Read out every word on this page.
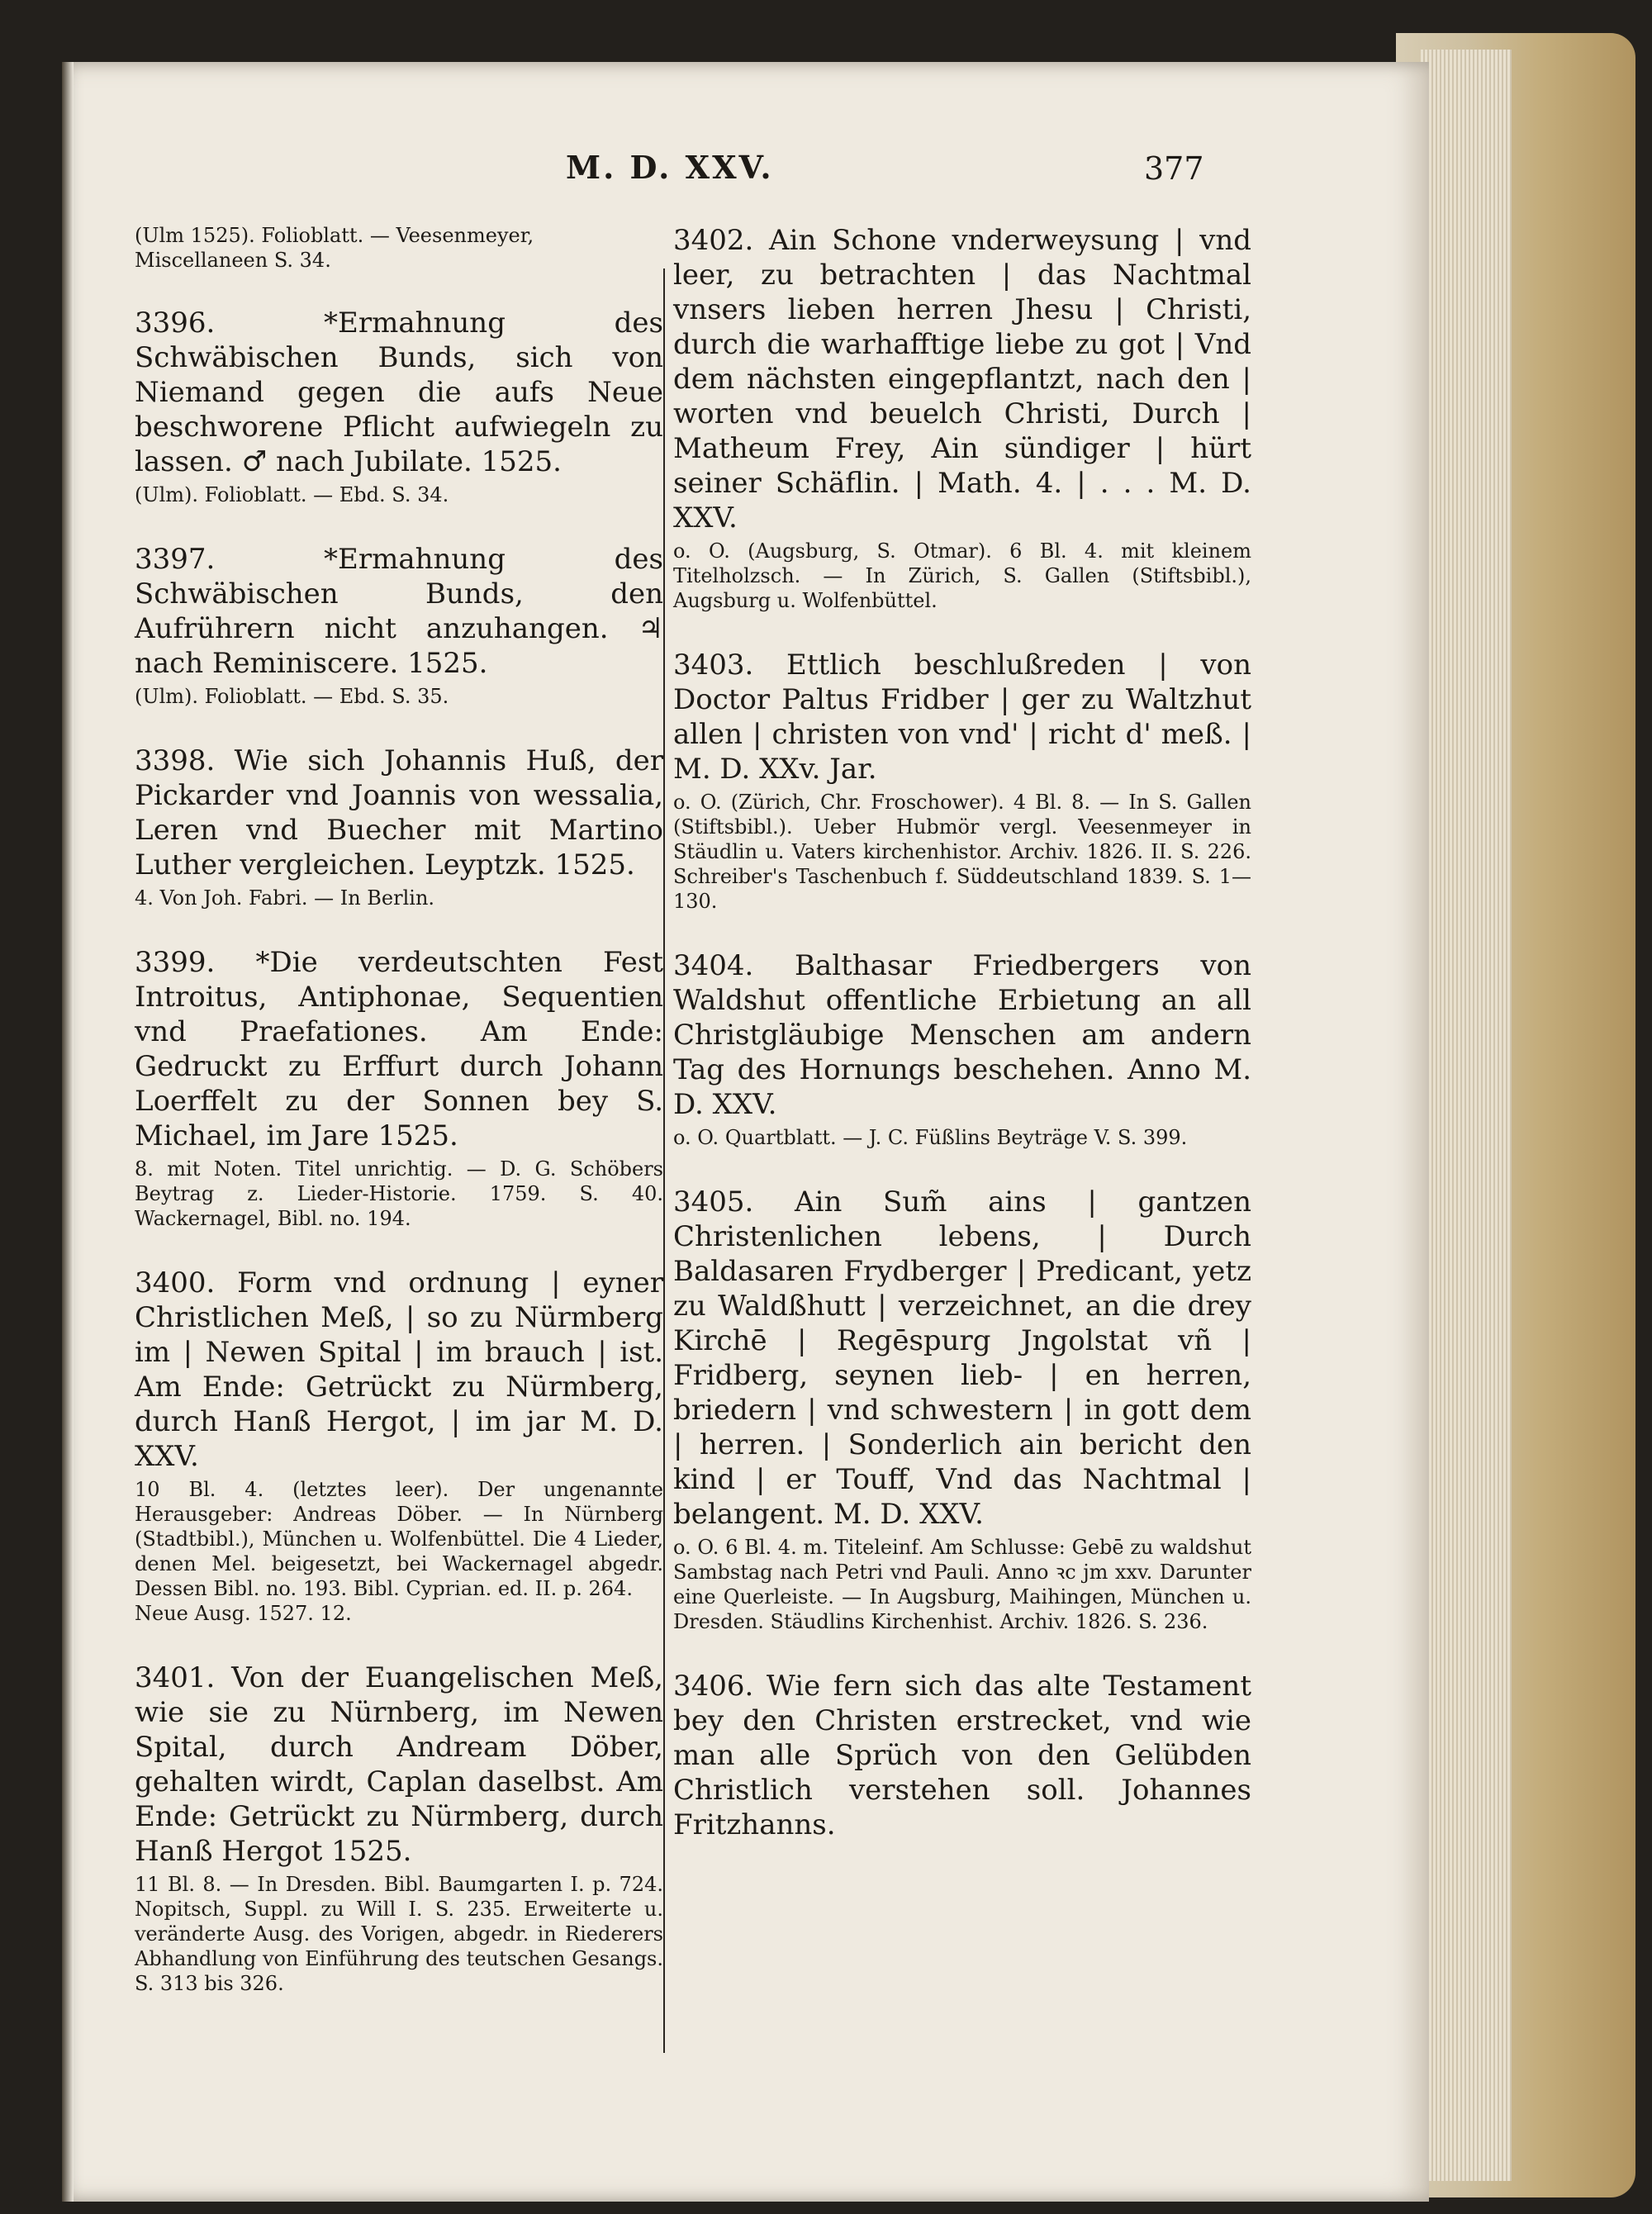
M. D. XXV.	377

(Ulm 1525). Folioblatt. — Veesenmeyer, Miscellaneen S. 34.

3396. *Ermahnung des Schwäbischen Bunds, sich von Niemand gegen die aufs Neue beschworene Pflicht aufwiegeln zu lassen. ♂ nach Jubilate. 1525.

(Ulm). Folioblatt. — Ebd. S. 34.

3397. *Ermahnung des Schwäbischen Bunds, den Aufrührern nicht anzuhangen. ♃ nach Reminiscere. 1525.

(Ulm). Folioblatt. — Ebd. S. 35.

3398. Wie sich Johannis Huß, der Pickarder vnd Joannis von wessalia, Leren vnd Buecher mit Martino Luther vergleichen. Leyptzk. 1525.

4. Von Joh. Fabri. — In Berlin.

3399. *Die verdeutschten Fest Introitus, Antiphonae, Sequentien vnd Praefationes. Am Ende: Gedruckt zu Erffurt durch Johann Loerffelt zu der Sonnen bey S. Michael, im Jare 1525.

8. mit Noten. Titel unrichtig. — D. G. Schöbers Beytrag z. Lieder-Historie. 1759. S. 40. Wackernagel, Bibl. no. 194.

3400. Form vnd ordnung | eyner Christlichen Meß, | so zu Nürmberg im | Newen Spital | im brauch | ist. Am Ende: Getrückt zu Nürmberg, durch Hanß Hergot, | im jar M. D. XXV.

10 Bl. 4. (letztes leer). Der ungenannte Herausgeber: Andreas Döber. — In Nürnberg (Stadtbibl.), München u. Wolfenbüttel. Die 4 Lieder, denen Mel. beigesetzt, bei Wackernagel abgedr. Dessen Bibl. no. 193. Bibl. Cyprian. ed. II. p. 264.

Neue Ausg. 1527. 12.

3401. Von der Euangelischen Meß, wie sie zu Nürnberg, im Newen Spital, durch Andream Döber, gehalten wirdt, Caplan daselbst. Am Ende: Getrückt zu Nürmberg, durch Hanß Hergot 1525.

11 Bl. 8. — In Dresden. Bibl. Baumgarten I. p. 724. Nopitsch, Suppl. zu Will I. S. 235. Erweiterte u. veränderte Ausg. des Vorigen, abgedr. in Riederers Abhandlung von Einführung des teutschen Gesangs. S. 313 bis 326.

3402. Ain Schone vnderweysung | vnd leer, zu betrachten | das Nachtmal vnsers lieben herren Jhesu | Christi, durch die warhafftige liebe zu got | Vnd dem nächsten eingepflantzt, nach den | worten vnd beuelch Christi, Durch | Matheum Frey, Ain sündiger | hürt seiner Schäflin. | Math. 4. | . . . M. D. XXV.

o. O. (Augsburg, S. Otmar). 6 Bl. 4. mit kleinem Titelholzsch. — In Zürich, S. Gallen (Stiftsbibl.), Augsburg u. Wolfenbüttel.

3403. Ettlich beschlußreden | von Doctor Paltus Fridber | ger zu Waltzhut allen | christen von vnd' | richt d' meß. | M. D. XXv. Jar.

o. O. (Zürich, Chr. Froschower). 4 Bl. 8. — In S. Gallen (Stiftsbibl.). Ueber Hubmör vergl. Veesenmeyer in Stäudlin u. Vaters kirchenhistor. Archiv. 1826. II. S. 226. Schreiber's Taschenbuch f. Süddeutschland 1839. S. 1—130.

3404. Balthasar Friedbergers von Waldshut offentliche Erbietung an all Christgläubige Menschen am andern Tag des Hornungs beschehen. Anno M. D. XXV.

o. O. Quartblatt. — J. C. Füßlins Beyträge V. S. 399.

3405. Ain Sum̃ ains | gantzen Christenlichen lebens, | Durch Baldasaren Frydberger | Predicant, yetz zu Waldßhutt | verzeichnet, an die drey Kirchē | Regēspurg Jngolstat vñ | Fridberg, seynen lieb- | en herren, briedern | vnd schwestern | in gott dem | herren. | Sonderlich ain bericht den kind | er Touff, Vnd das Nachtmal | belangent. M. D. XXV.

o. O. 6 Bl. 4. m. Titeleinf. Am Schlusse: Gebē zu waldshut Sambstag nach Petri vnd Pauli. Anno ꝛc jm xxv. Darunter eine Querleiste. — In Augsburg, Maihingen, München u. Dresden. Stäudlins Kirchenhist. Archiv. 1826. S. 236.

3406. Wie fern sich das alte Testament bey den Christen erstrecket, vnd wie man alle Sprüch von den Gelübden Christlich verstehen soll. Johannes Fritzhanns.
